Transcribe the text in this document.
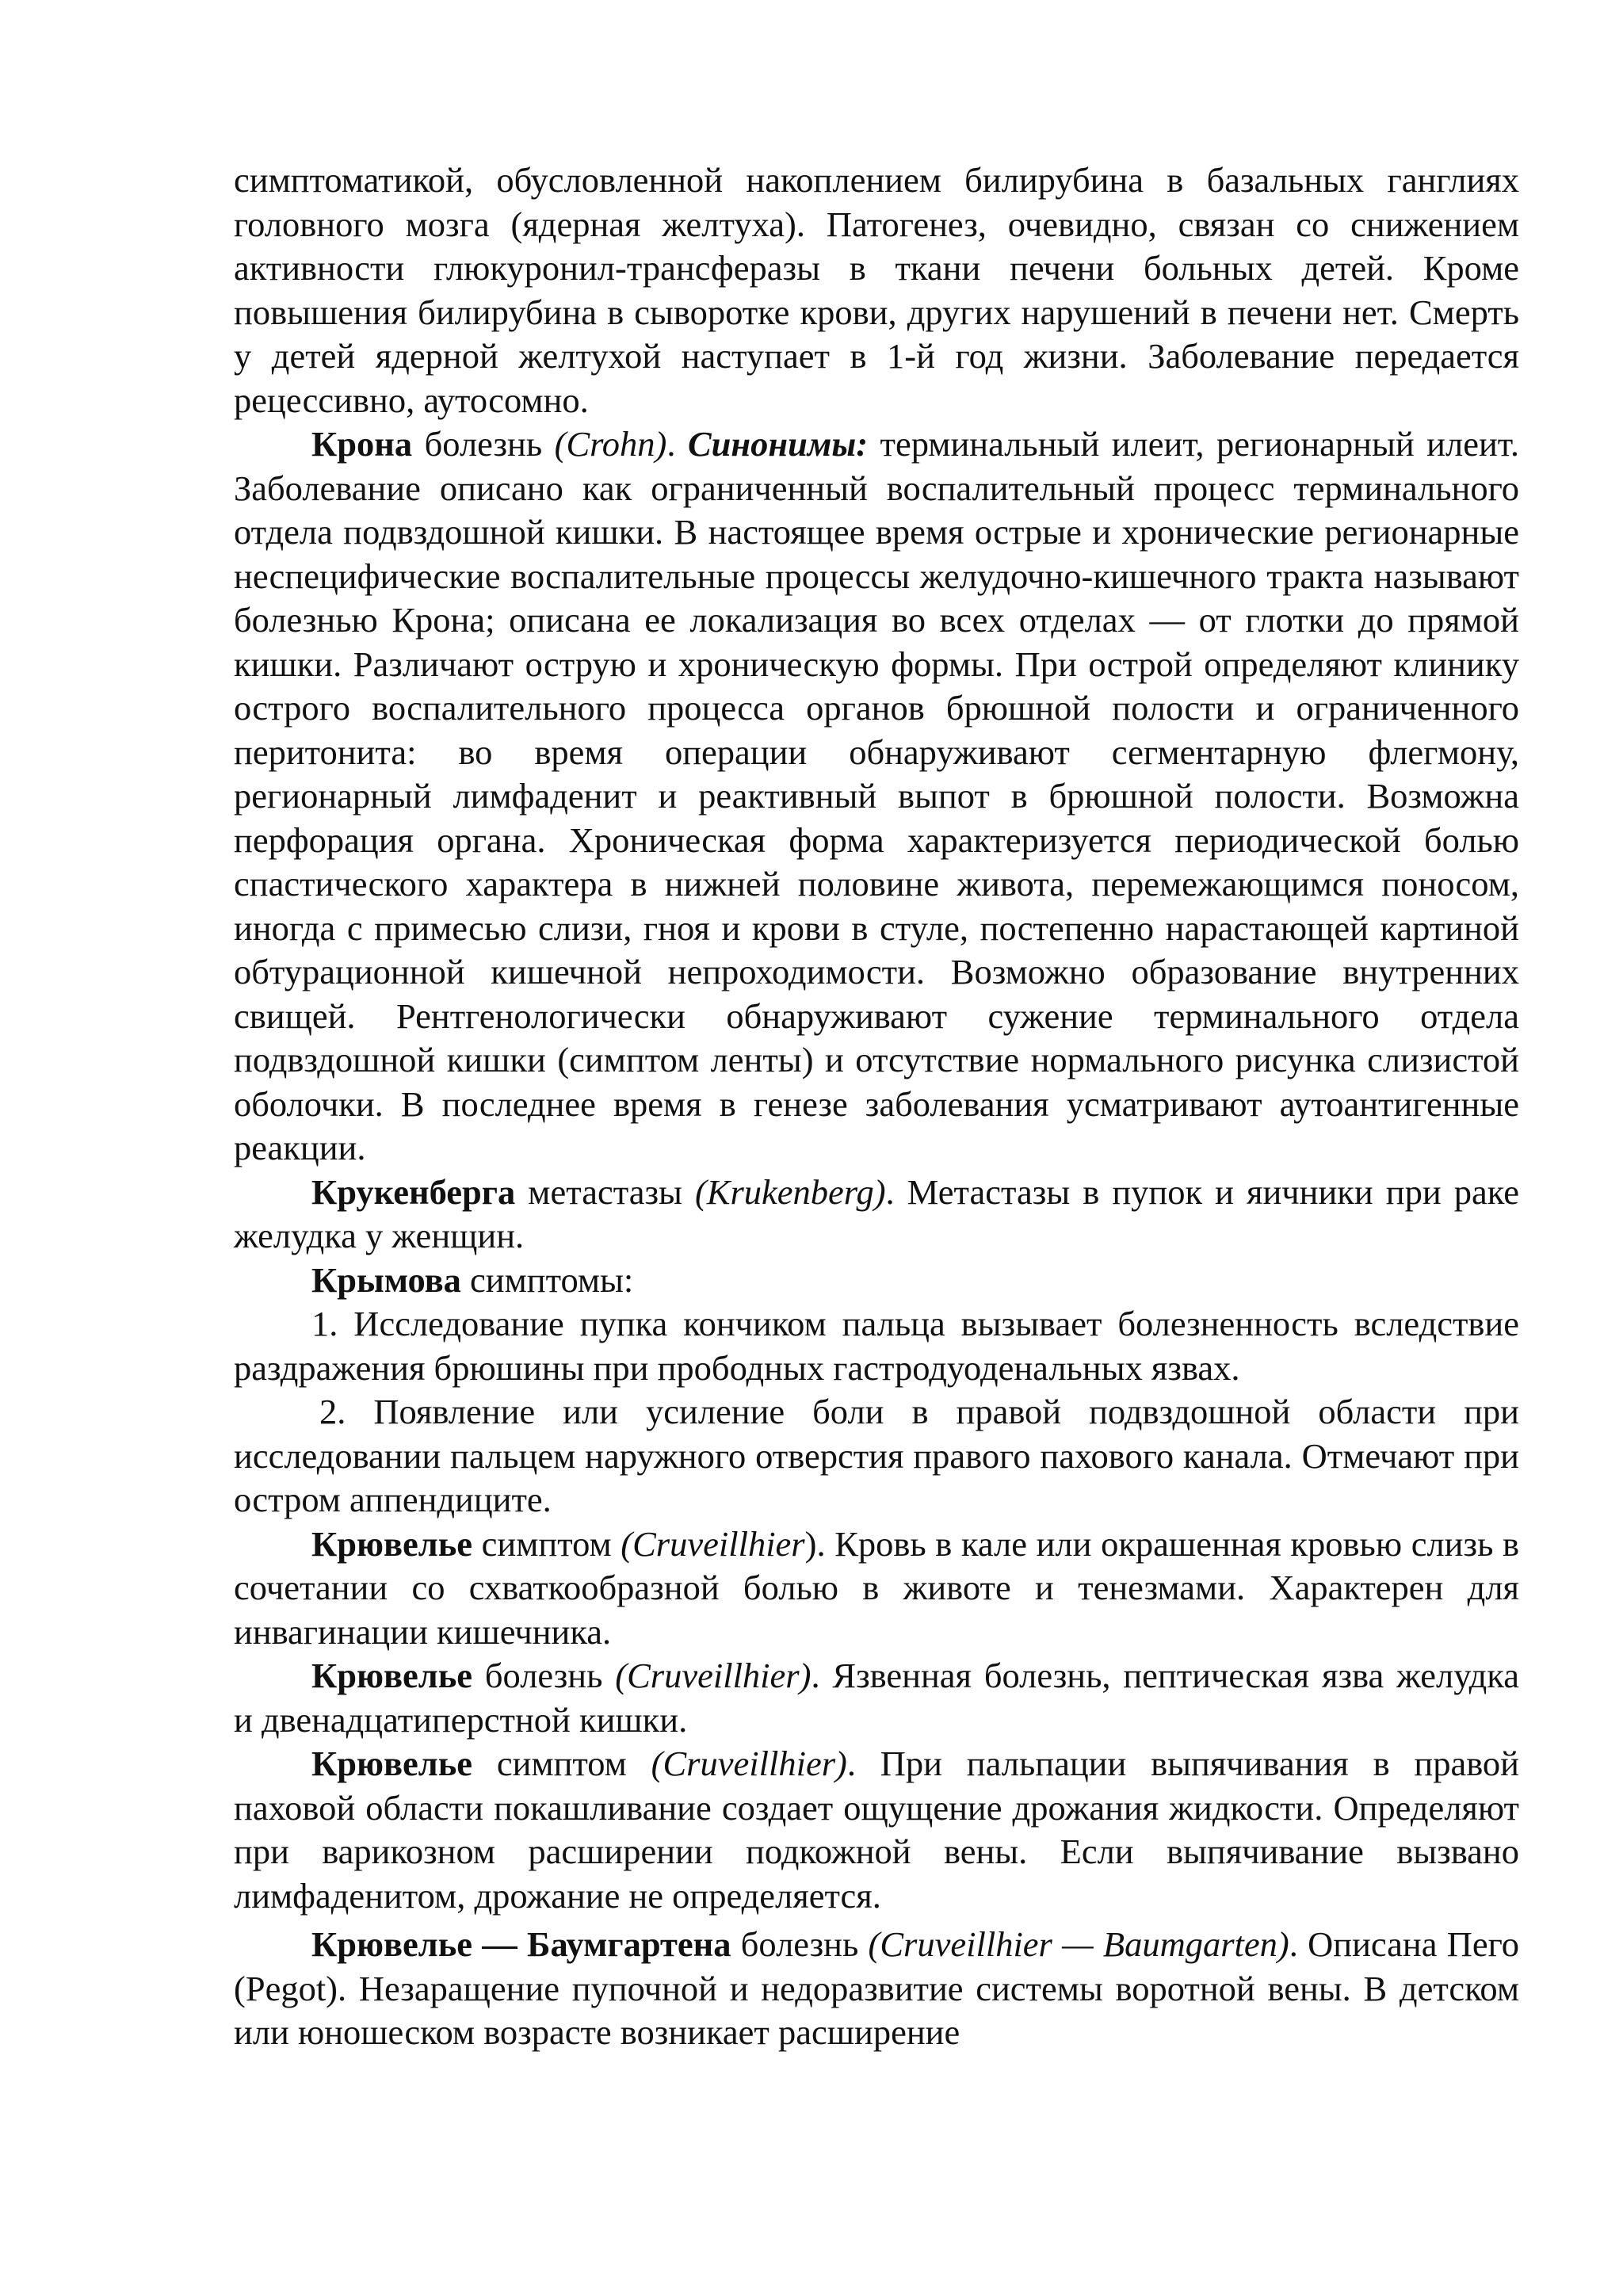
симптоматикой, обусловленной накоплением билирубина в базальных ганглиях головного мозга (ядерная желтуха). Патогенез, очевидно, связан со снижением активности глюкуронил-трансферазы в ткани печени больных детей. Кроме повышения билирубина в сыворотке крови, других нарушений в печени нет. Смерть у детей ядерной желтухой наступает в 1-й год жизни. Заболевание передается рецессивно, аутосомно.

Крона болезнь (Crohn). Синонимы: терминальный илеит, регионарный илеит. Заболевание описано как ограниченный воспалительный процесс терминального отдела подвздошной кишки. В настоящее время острые и хронические регионарные неспецифические воспалительные процессы желудочно-кишечного тракта называют болезнью Крона; описана ее локализация во всех отделах — от глотки до прямой кишки. Различают острую и хроническую формы. При острой определяют клинику острого воспалительного процесса органов брюшной полости и ограниченного перитонита: во время операции обнаруживают сегментарную флегмону, регионарный лимфаденит и реактивный выпот в брюшной полости. Возможна перфорация органа. Хроническая форма характеризуется периодической болью спастического характера в нижней половине живота, перемежающимся поносом, иногда с примесью слизи, гноя и крови в стуле, постепенно нарастающей картиной обтурационной кишечной непроходимости. Возможно образование внутренних свищей. Рентгенологически обнаруживают сужение терминального отдела подвздошной кишки (симптом ленты) и отсутствие нормального рисунка слизистой оболочки. В последнее время в генезе заболевания усматривают аутоантигенные реакции.

Крукенберга метастазы (Krukenberg). Метастазы в пупок и яичники при раке желудка у женщин.

Крымова симптомы:

1. Исследование пупка кончиком пальца вызывает болезненность вследствие раздражения брюшины при прободных гастродуоденальных язвах.

2. Появление или усиление боли в правой подвздошной области при исследовании пальцем наружного отверстия правого пахового канала. Отмечают при остром аппендиците.

Крювелье симптом (Cruveillhier). Кровь в кале или окрашенная кровью слизь в сочетании со схваткообразной болью в животе и тенезмами. Характерен для инвагинации кишечника.

Крювелье болезнь (Cruveillhier). Язвенная болезнь, пептическая язва желудка и двенадцатиперстной кишки.

Крювелье симптом (Cruveillhier). При пальпации выпячивания в правой паховой области покашливание создает ощущение дрожания жидкости. Определяют при варикозном расширении подкожной вены. Если выпячивание вызвано лимфаденитом, дрожание не определяется.

Крювелье — Баумгартена болезнь (Cruveillhier — Baumgarten). Описана Пего (Pegot). Незаращение пупочной и недоразвитие системы воротной вены. В детском или юношеском возрасте возникает расширение
